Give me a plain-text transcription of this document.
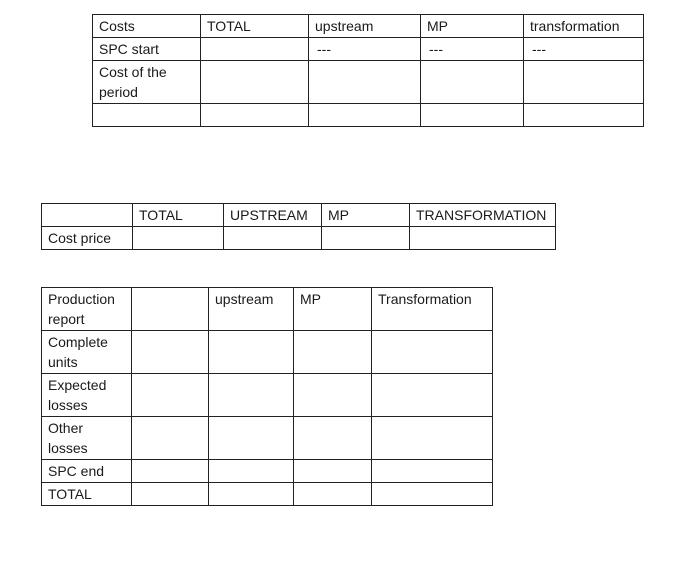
Costs	TOTAL	upstream	MP	transformation
SPC start		---	---	---
Cost of the period				

	TOTAL	UPSTREAM	MP	TRANSFORMATION
Cost price				
Production report		upstream	MP	Transformation
Complete units				
Expected losses				
Other losses				
SPC end				
TOTAL				
